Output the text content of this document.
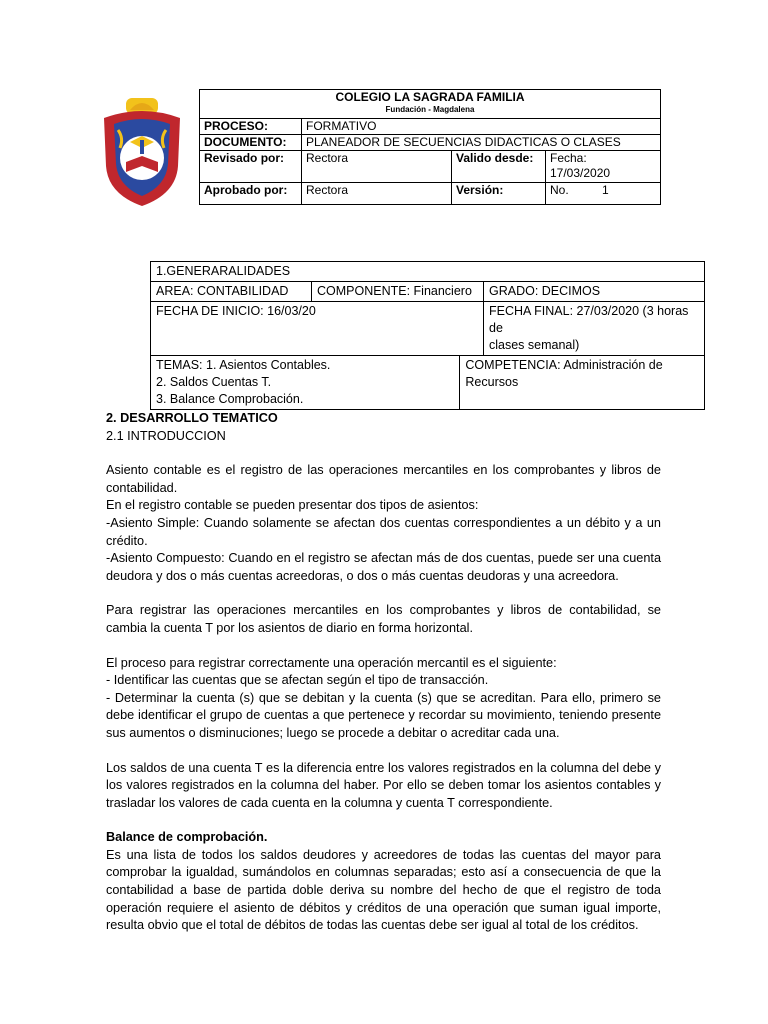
COLEGIO LA SAGRADA FAMILIA
Fundación - Magdalena			

PROCESO:	FORMATIVO		
DOCUMENTO:	PLANEADOR DE SECUENCIAS DIDACTICAS O CLASES		
Revisado por:	Rectora	Valido desde:	Fecha:
17/03/2020
Aprobado por:	Rectora	Versión:	No.          1
1.GENERARALIDADES			
AREA: CONTABILIDAD	COMPONENTE: Financiero		GRADO: DECIMOS
FECHA DE INICIO: 16/03/20			FECHA FINAL: 27/03/2020 (3 horas de
clases semanal)
TEMAS: 1. Asientos Contables.
2. Saldos Cuentas T.
3. Balance Comprobación.		COMPETENCIA: Administración de Recursos	

2. DESARROLLO TEMATICO

2.1 INTRODUCCION

Asiento contable es el registro de las operaciones mercantiles en los comprobantes y libros de contabilidad.

En el registro contable se pueden presentar dos tipos de asientos:

-Asiento Simple: Cuando solamente se afectan dos cuentas correspondientes a un débito y a un crédito.

-Asiento Compuesto: Cuando en el registro se afectan más de dos cuentas, puede ser una cuenta deudora y dos o más cuentas acreedoras, o dos o más cuentas deudoras y una acreedora.

Para registrar las operaciones mercantiles en los comprobantes y libros de contabilidad, se cambia la cuenta T por los asientos de diario en forma horizontal.

El proceso para registrar correctamente una operación mercantil es el siguiente:

- Identificar las cuentas que se afectan según el tipo de transacción.

- Determinar la cuenta (s) que se debitan y la cuenta (s) que se acreditan. Para ello, primero se debe identificar el grupo de cuentas a que pertenece y recordar su movimiento, teniendo presente sus aumentos o disminuciones; luego se procede a debitar o acreditar cada una.

Los saldos de una cuenta T es la diferencia entre los valores registrados en la columna del debe y los valores registrados en la columna del haber. Por ello se deben tomar los asientos contables y trasladar los valores de cada cuenta en la columna y cuenta T correspondiente.

Balance de comprobación.

Es una lista de todos los saldos deudores y acreedores de todas las cuentas del mayor para comprobar la igualdad, sumándolos en columnas separadas; esto así a consecuencia de que la contabilidad a base de partida doble deriva su nombre del hecho de que el registro de toda operación requiere el asiento de débitos y créditos de una operación que suman igual importe, resulta obvio que el total de débitos de todas las cuentas debe ser igual al total de los créditos.
